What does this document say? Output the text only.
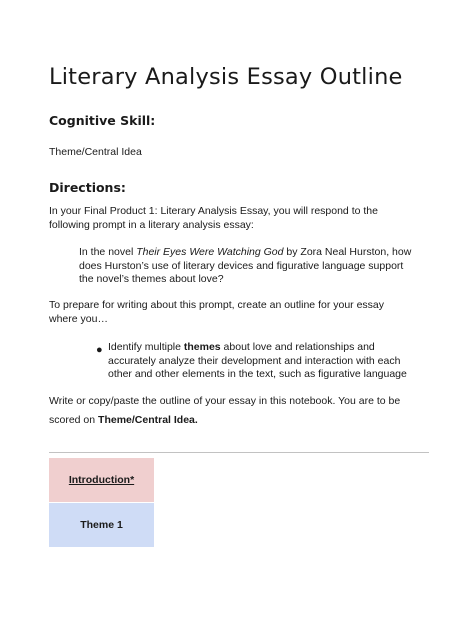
Literary Analysis Essay Outline
Cognitive Skill:

Theme/Central Idea

Directions:

In your Final Product 1: Literary Analysis Essay, you will respond to the
following prompt in a literary analysis essay:

In the novel Their Eyes Were Watching God by Zora Neal Hurston, how
does Hurston’s use of literary devices and figurative language support
the novel’s themes about love?

To prepare for writing about this prompt, create an outline for your essay
where you…

● Identify multiple themes about love and relationships and
accurately analyze their development and interaction with each
other and other elements in the text, such as figurative language

Write or copy/paste the outline of your essay in this notebook. You are to be
scored on Theme/Central Idea.

Introduction*
Theme 1
